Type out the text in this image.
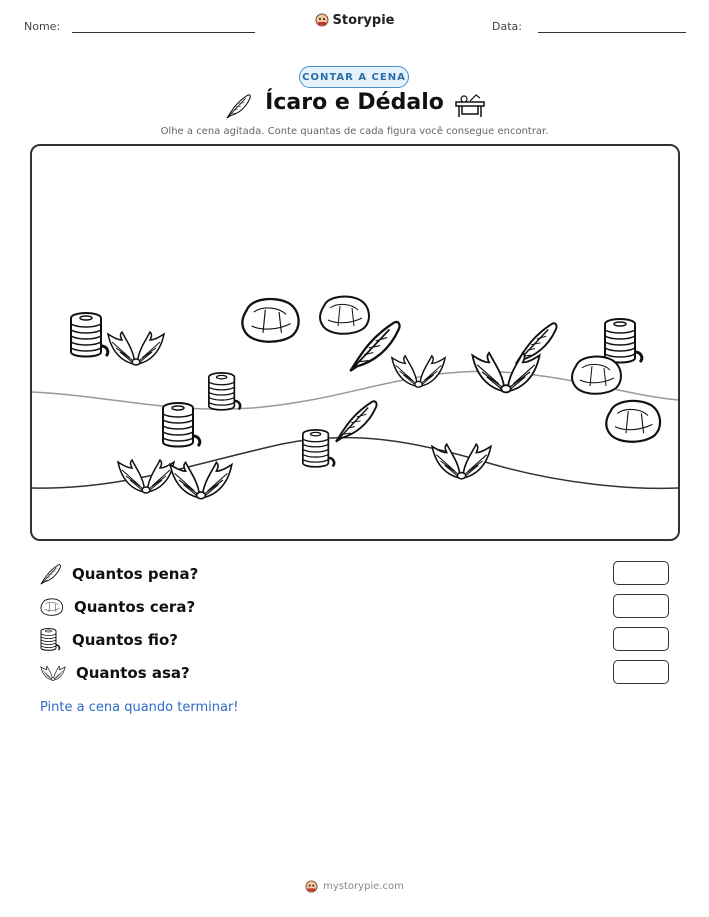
Nome:	Storypie	Data:
CONTAR A CENA
Ícaro e Dédalo
Olhe a cena agitada. Conte quantas de cada figura você consegue encontrar.
Quantos pena?
Quantos cera?
Quantos fio?
Quantos asa?
Pinte a cena quando terminar!
mystorypie.com
